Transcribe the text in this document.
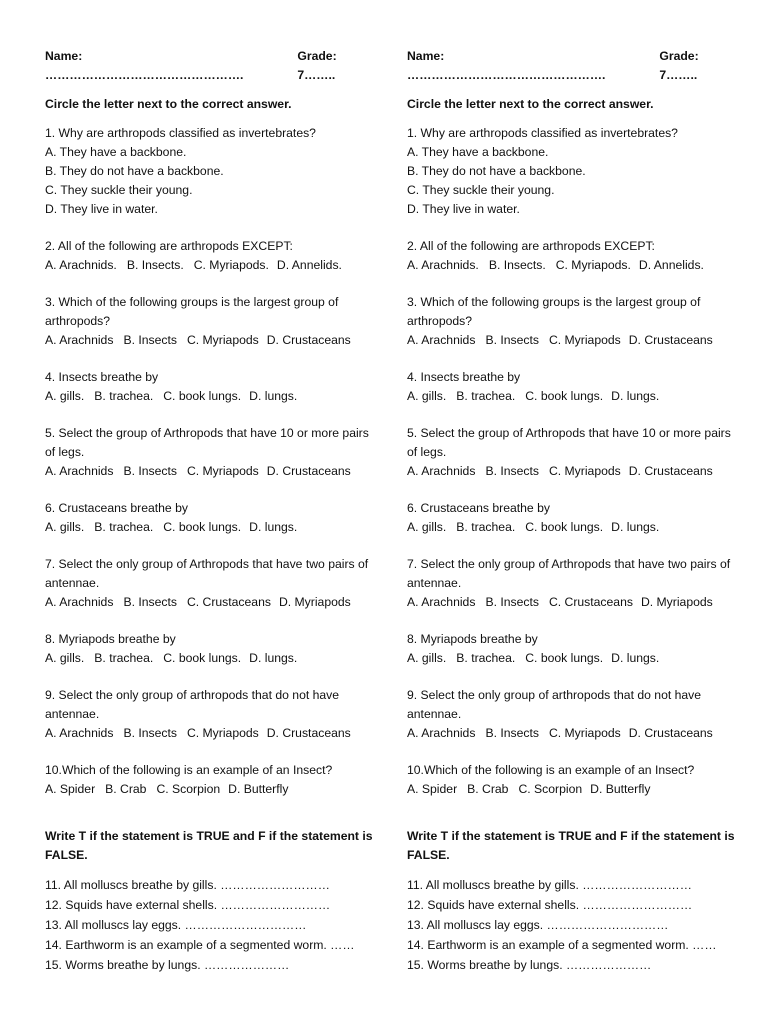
Name: ………………………………………….
Grade: 7……..
Circle the letter next to the correct answer.
1. Why are arthropods classified as invertebrates?
A. They have a backbone.
B. They do not have a backbone.
C. They suckle their young.
D. They live in water.
2. All of the following are arthropods EXCEPT:
A. Arachnids. B. Insects. C. Myriapods. D. Annelids.
3. Which of the following groups is the largest group of arthropods?
A. Arachnids B. Insects C. Myriapods D. Crustaceans
4. Insects breathe by
A. gills. B. trachea. C. book lungs. D. lungs.
5. Select the group of Arthropods that have 10 or more pairs of legs.
A. Arachnids B. Insects C. Myriapods D. Crustaceans
6. Crustaceans breathe by
A. gills. B. trachea. C. book lungs. D. lungs.
7. Select the only group of Arthropods that have two pairs of antennae.
A. Arachnids B. Insects C. Crustaceans D. Myriapods
8. Myriapods breathe by
A. gills. B. trachea. C. book lungs. D. lungs.
9. Select the only group of arthropods that do not have antennae.
A. Arachnids B. Insects C. Myriapods D. Crustaceans
10.Which of the following is an example of an Insect?
A. Spider B. Crab C. Scorpion D. Butterfly
Write T if the statement is TRUE and F if the statement is FALSE.
11. All molluscs breathe by gills. ………………………
12. Squids have external shells. ………………………
13. All molluscs lay eggs. …………………………
14. Earthworm is an example of a segmented worm. ……
15. Worms breathe by lungs. …………………
Name: ………………………………………….
Grade: 7……..
Circle the letter next to the correct answer.
1. Why are arthropods classified as invertebrates?
A. They have a backbone.
B. They do not have a backbone.
C. They suckle their young.
D. They live in water.
2. All of the following are arthropods EXCEPT:
A. Arachnids. B. Insects. C. Myriapods. D. Annelids.
3. Which of the following groups is the largest group of arthropods?
A. Arachnids B. Insects C. Myriapods D. Crustaceans
4. Insects breathe by
A. gills. B. trachea. C. book lungs. D. lungs.
5. Select the group of Arthropods that have 10 or more pairs of legs.
A. Arachnids B. Insects C. Myriapods D. Crustaceans
6. Crustaceans breathe by
A. gills. B. trachea. C. book lungs. D. lungs.
7. Select the only group of Arthropods that have two pairs of antennae.
A. Arachnids B. Insects C. Crustaceans D. Myriapods
8. Myriapods breathe by
A. gills. B. trachea. C. book lungs. D. lungs.
9. Select the only group of arthropods that do not have antennae.
A. Arachnids B. Insects C. Myriapods D. Crustaceans
10.Which of the following is an example of an Insect?
A. Spider B. Crab C. Scorpion D. Butterfly
Write T if the statement is TRUE and F if the statement is FALSE.
11. All molluscs breathe by gills. ………………………
12. Squids have external shells. ………………………
13. All molluscs lay eggs. …………………………
14. Earthworm is an example of a segmented worm. ……
15. Worms breathe by lungs. …………………
